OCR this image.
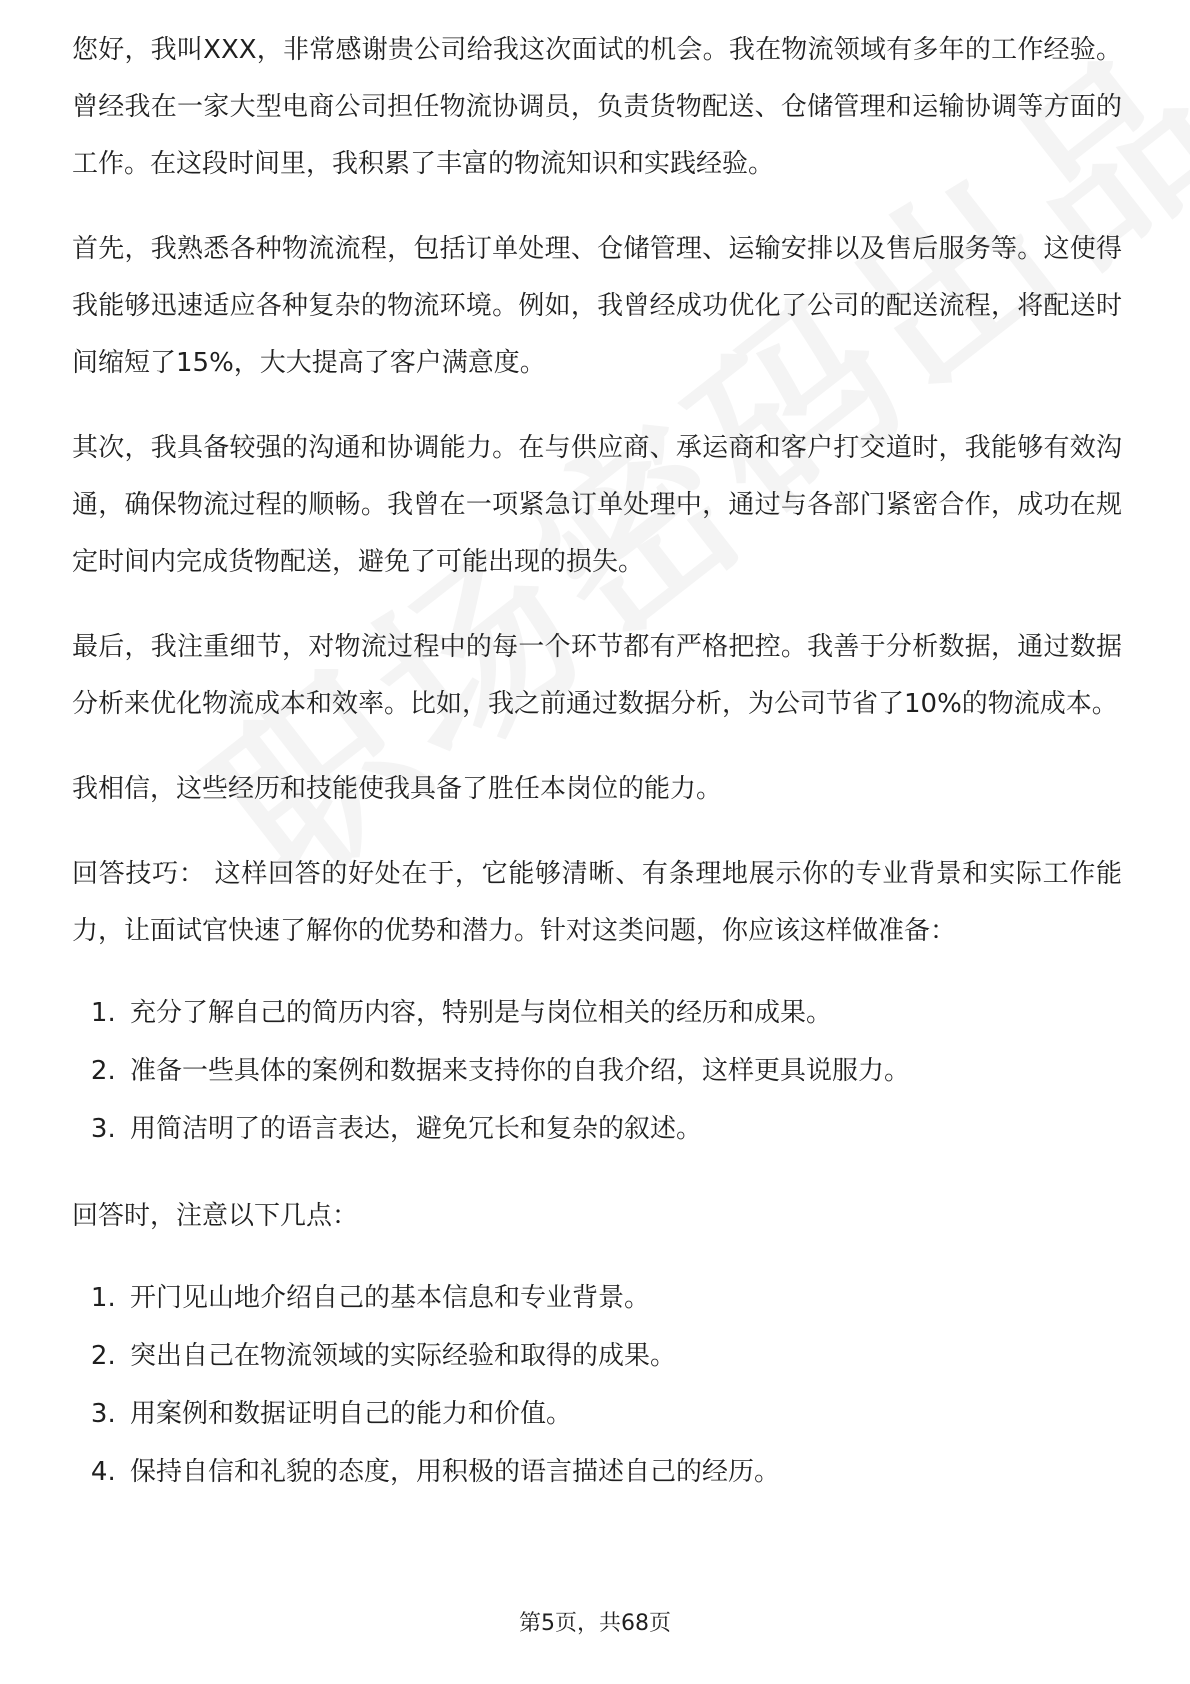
您好，我叫XXX，非常感谢贵公司给我这次面试的机会。我在物流领域有多年的工作经验。曾经我在一家大型电商公司担任物流协调员，负责货物配送、仓储管理和运输协调等方面的工作。在这段时间里，我积累了丰富的物流知识和实践经验。

首先，我熟悉各种物流流程，包括订单处理、仓储管理、运输安排以及售后服务等。这使得我能够迅速适应各种复杂的物流环境。例如，我曾经成功优化了公司的配送流程，将配送时间缩短了15%，大大提高了客户满意度。

其次，我具备较强的沟通和协调能力。在与供应商、承运商和客户打交道时，我能够有效沟通，确保物流过程的顺畅。我曾在一项紧急订单处理中，通过与各部门紧密合作，成功在规定时间内完成货物配送，避免了可能出现的损失。

最后，我注重细节，对物流过程中的每一个环节都有严格把控。我善于分析数据，通过数据分析来优化物流成本和效率。比如，我之前通过数据分析，为公司节省了10%的物流成本。

我相信，这些经历和技能使我具备了胜任本岗位的能力。

回答技巧： 这样回答的好处在于，它能够清晰、有条理地展示你的专业背景和实际工作能力，让面试官快速了解你的优势和潜力。针对这类问题，你应该这样做准备：

1. 充分了解自己的简历内容，特别是与岗位相关的经历和成果。
2. 准备一些具体的案例和数据来支持你的自我介绍，这样更具说服力。
3. 用简洁明了的语言表达，避免冗长和复杂的叙述。

回答时，注意以下几点：

1. 开门见山地介绍自己的基本信息和专业背景。
2. 突出自己在物流领域的实际经验和取得的成果。
3. 用案例和数据证明自己的能力和价值。
4. 保持自信和礼貌的态度，用积极的语言描述自己的经历。
第5页，共68页
